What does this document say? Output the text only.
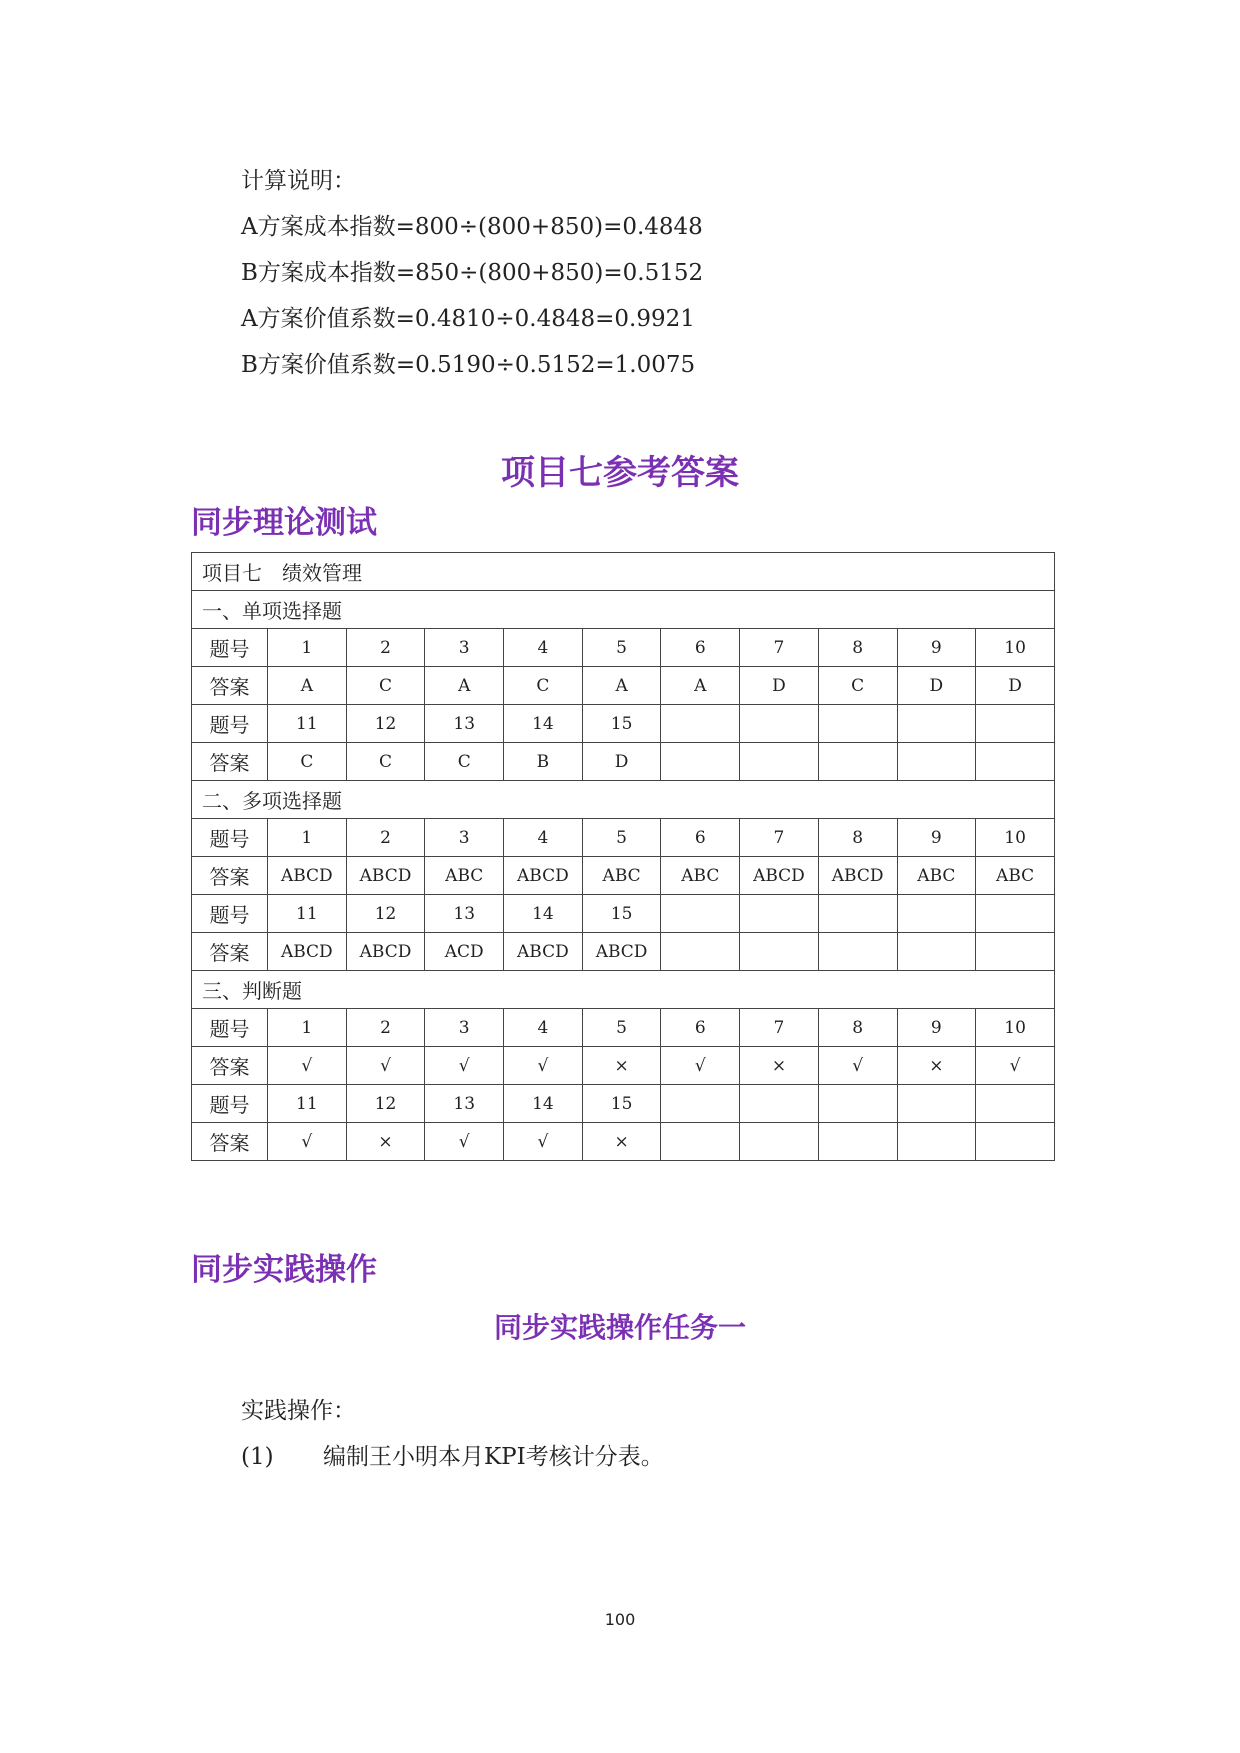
计算说明：

A方案成本指数=800÷(800+850)=0.4848

B方案成本指数=850÷(800+850)=0.5152

A方案价值系数=0.4810÷0.4848=0.9921

B方案价值系数=0.5190÷0.5152=1.0075

项目七参考答案
同步理论测试
项目七　绩效管理										
一、单项选择题										
题号	1	2	3	4	5	6	7	8	9	10
答案	A	C	A	C	A	A	D	C	D	D
题号	11	12	13	14	15					
答案	C	C	C	B	D					
二、多项选择题										
题号	1	2	3	4	5	6	7	8	9	10
答案	ABCD	ABCD	ABC	ABCD	ABC	ABC	ABCD	ABCD	ABC	ABC
题号	11	12	13	14	15					
答案	ABCD	ABCD	ACD	ABCD	ABCD					
三、判断题										
题号	1	2	3	4	5	6	7	8	9	10
答案	√	√	√	√	×	√	×	√	×	√
题号	11	12	13	14	15					
答案	√	×	√	√	×					
同步实践操作
同步实践操作任务一

实践操作：

(1) 编制王小明本月KPI考核计分表。

100
